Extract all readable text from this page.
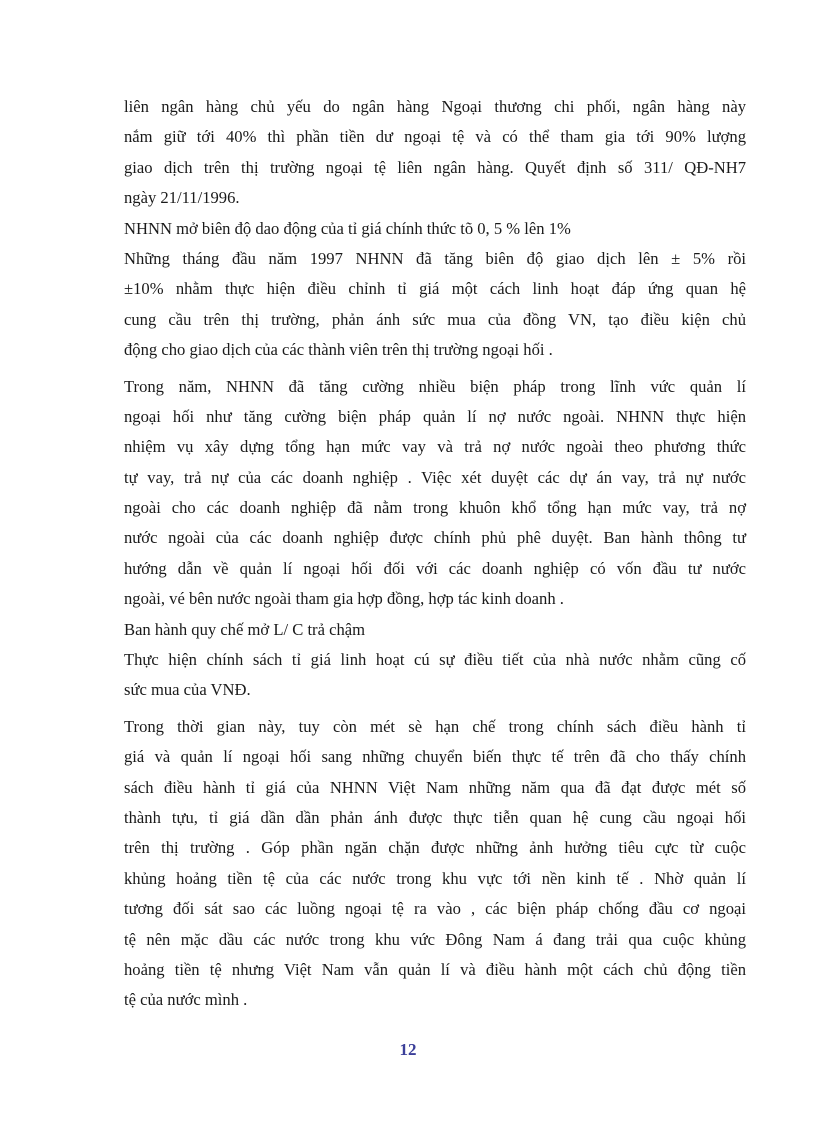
liên ngân hàng chủ yếu do ngân hàng Ngoại thương chi phối, ngân hàng này
nắm giữ tới 40% thì phần tiền dư ngoại tệ và có thể tham gia tới 90% lượng
giao dịch trên thị trường ngoại tệ liên ngân hàng. Quyết định số 311/ QĐ-NH7
ngày 21/11/1996.
NHNN mở biên độ dao động của tỉ giá chính thức tõ 0, 5 % lên 1%
Những tháng đầu năm 1997 NHNN đã tăng biên độ giao dịch lên ± 5% rồi
±10% nhằm thực hiện điều chỉnh tỉ giá một cách linh hoạt đáp ứng quan hệ
cung cầu trên thị trường, phản ánh sức mua của đồng VN, tạo điều kiện chủ
động cho giao dịch của các thành viên trên thị trường ngoại hối .
Trong năm, NHNN đã tăng cường nhiều biện pháp trong lĩnh vức quản lí
ngoại hối như tăng cường biện pháp quản lí nợ nước ngoài. NHNN thực hiện
nhiệm vụ xây dựng tổng hạn mức vay và trả nợ nước ngoài theo phương thức
tự vay, trả nự của các doanh nghiệp . Việc xét duyệt các dự án vay, trả nự nước
ngoài cho các doanh nghiệp đã nằm trong khuôn khổ tổng hạn mức vay, trả nợ
nước ngoài của các doanh nghiệp được chính phủ phê duyệt. Ban hành thông tư
hướng dẫn về quản lí ngoại hối đối với các doanh nghiệp có vốn đầu tư nước
ngoài, vé bên nước ngoài tham gia hợp đồng, hợp tác kinh doanh .
Ban hành quy chế mở L/ C trả chậm
Thực hiện chính sách tỉ giá linh hoạt cú sự điều tiết của nhà nước nhằm cũng cố
sức mua của VNĐ.
Trong thời gian này, tuy còn mét sè hạn chế trong chính sách điều hành tỉ
giá và quản lí ngoại hối sang những chuyển biến thực tế trên đã cho thấy chính
sách điều hành tỉ giá của NHNN Việt Nam những năm qua đã đạt được mét số
thành tựu, tỉ giá dần dần phản ánh được thực tiễn quan hệ cung cầu ngoại hối
trên thị trường . Góp phần ngăn chặn được những ảnh hưởng tiêu cực từ cuộc
khủng hoảng tiền tệ của các nước trong khu vực tới nền kinh tế . Nhờ quản lí
tương đối sát sao các luồng ngoại tệ ra vào , các biện pháp chống đầu cơ ngoại
tệ nên mặc dầu các nước trong khu vức Đông Nam á đang trải qua cuộc khủng
hoảng tiền tệ nhưng Việt Nam vẫn quản lí và điều hành một cách chủ động tiền
tệ của nước mình .
12
